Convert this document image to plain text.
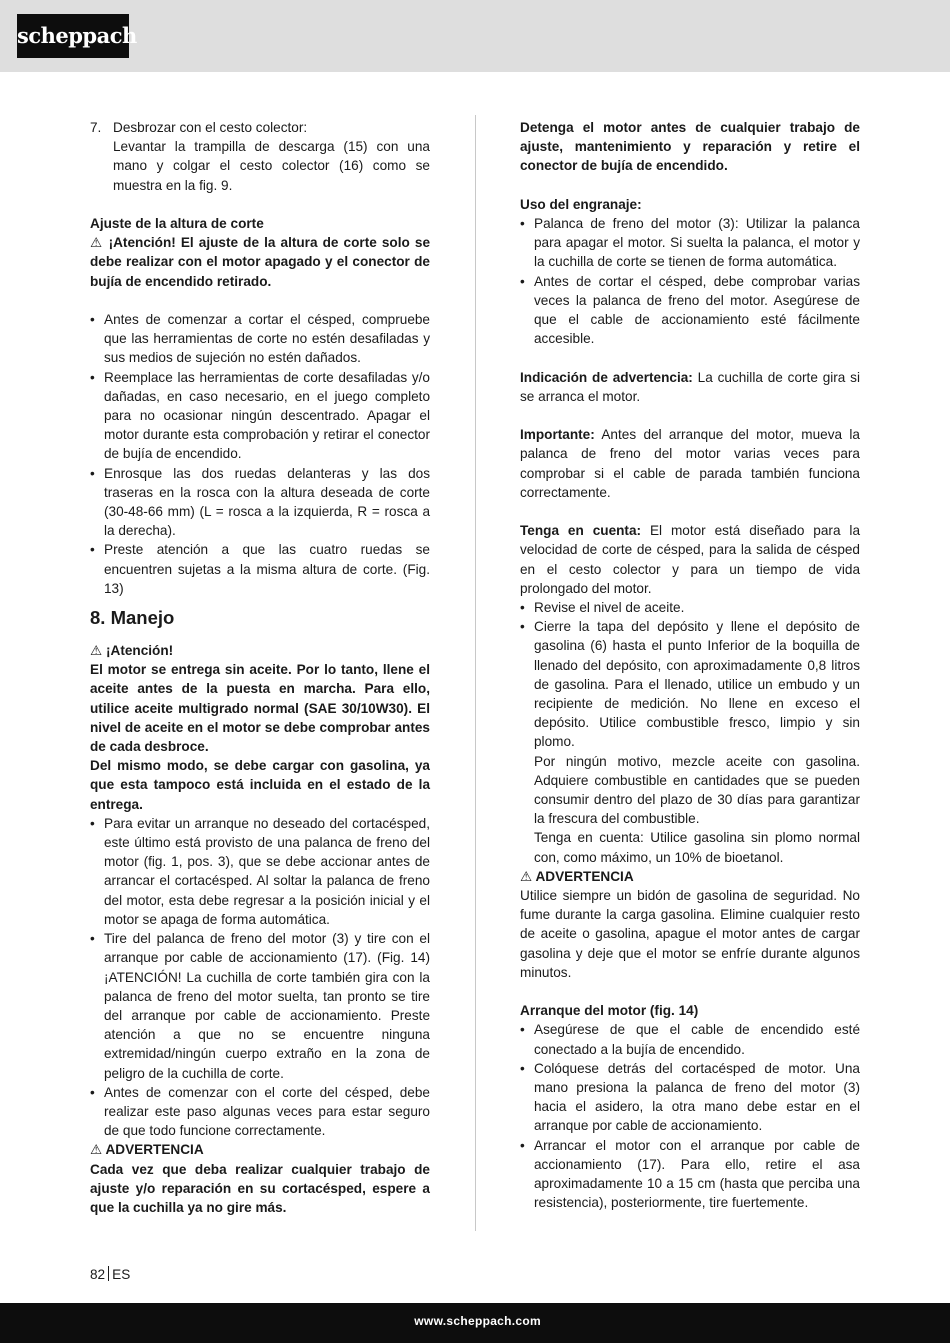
scheppach
7. Desbrozar con el cesto colector:
Levantar la trampilla de descarga (15) con una mano y colgar el cesto colector (16) como se muestra en la fig. 9.

Ajuste de la altura de corte

⚠ ¡Atención! El ajuste de la altura de corte solo se debe realizar con el motor apagado y el conector de bujía de encendido retirado.

• Antes de comenzar a cortar el césped, compruebe que las herramientas de corte no estén desafiladas y sus medios de sujeción no estén dañados.
• Reemplace las herramientas de corte desafiladas y/o dañadas, en caso necesario, en el juego completo para no ocasionar ningún descentrado. Apagar el motor durante esta comprobación y retirar el conector de bujía de encendido.
• Enrosque las dos ruedas delanteras y las dos traseras en la rosca con la altura deseada de corte (30-48-66 mm) (L = rosca a la izquierda, R = rosca a la derecha).
• Preste atención a que las cuatro ruedas se encuentren sujetas a la misma altura de corte. (Fig. 13)
8. Manejo

⚠ ¡Atención!

El motor se entrega sin aceite. Por lo tanto, llene el aceite antes de la puesta en marcha. Para ello, utilice aceite multigrado normal (SAE 30/10W30). El nivel de aceite en el motor se debe comprobar antes de cada desbroce.

Del mismo modo, se debe cargar con gasolina, ya que esta tampoco está incluida en el estado de la entrega.

• Para evitar un arranque no deseado del cortacésped, este último está provisto de una palanca de freno del motor (fig. 1, pos. 3), que se debe accionar antes de arrancar el cortacésped. Al soltar la palanca de freno del motor, esta debe regresar a la posición inicial y el motor se apaga de forma automática.
• Tire del palanca de freno del motor (3) y tire con el arranque por cable de accionamiento (17). (Fig. 14) ¡ATENCIÓN! La cuchilla de corte también gira con la palanca de freno del motor suelta, tan pronto se tire del arranque por cable de accionamiento. Preste atención a que no se encuentre ninguna extremidad/ningún cuerpo extraño en la zona de peligro de la cuchilla de corte.
• Antes de comenzar con el corte del césped, debe realizar este paso algunas veces para estar seguro de que todo funcione correctamente.

⚠ ADVERTENCIA

Cada vez que deba realizar cualquier trabajo de ajuste y/o reparación en su cortacésped, espere a que la cuchilla ya no gire más.

Detenga el motor antes de cualquier trabajo de ajuste, mantenimiento y reparación y retire el conector de bujía de encendido.

Uso del engranaje:

• Palanca de freno del motor (3): Utilizar la palanca para apagar el motor. Si suelta la palanca, el motor y la cuchilla de corte se tienen de forma automática.
• Antes de cortar el césped, debe comprobar varias veces la palanca de freno del motor. Asegúrese de que el cable de accionamiento esté fácilmente accesible.

Indicación de advertencia: La cuchilla de corte gira si se arranca el motor.

Importante: Antes del arranque del motor, mueva la palanca de freno del motor varias veces para comprobar si el cable de parada también funciona correctamente.

Tenga en cuenta: El motor está diseñado para la velocidad de corte de césped, para la salida de césped en el cesto colector y para un tiempo de vida prolongado del motor.

• Revise el nivel de aceite.
• Cierre la tapa del depósito y llene el depósito de gasolina (6) hasta el punto Inferior de la boquilla de llenado del depósito, con aproximadamente 0,8 litros de gasolina. Para el llenado, utilice un embudo y un recipiente de medición. No llene en exceso el depósito. Utilice combustible fresco, limpio y sin plomo.
Por ningún motivo, mezcle aceite con gasolina. Adquiere combustible en cantidades que se pueden consumir dentro del plazo de 30 días para garantizar la frescura del combustible.
Tenga en cuenta: Utilice gasolina sin plomo normal con, como máximo, un 10% de bioetanol.

⚠ ADVERTENCIA

Utilice siempre un bidón de gasolina de seguridad. No fume durante la carga gasolina. Elimine cualquier resto de aceite o gasolina, apague el motor antes de cargar gasolina y deje que el motor se enfríe durante algunos minutos.

Arranque del motor (fig. 14)

• Asegúrese de que el cable de encendido esté conectado a la bujía de encendido.
• Colóquese detrás del cortacésped de motor. Una mano presiona la palanca de freno del motor (3) hacia el asidero, la otra mano debe estar en el arranque por cable de accionamiento.
• Arrancar el motor con el arranque por cable de accionamiento (17). Para ello, retire el asa aproximadamente 10 a 15 cm (hasta que perciba una resistencia), posteriormente, tire fuertemente.
82 ES
www.scheppach.com
